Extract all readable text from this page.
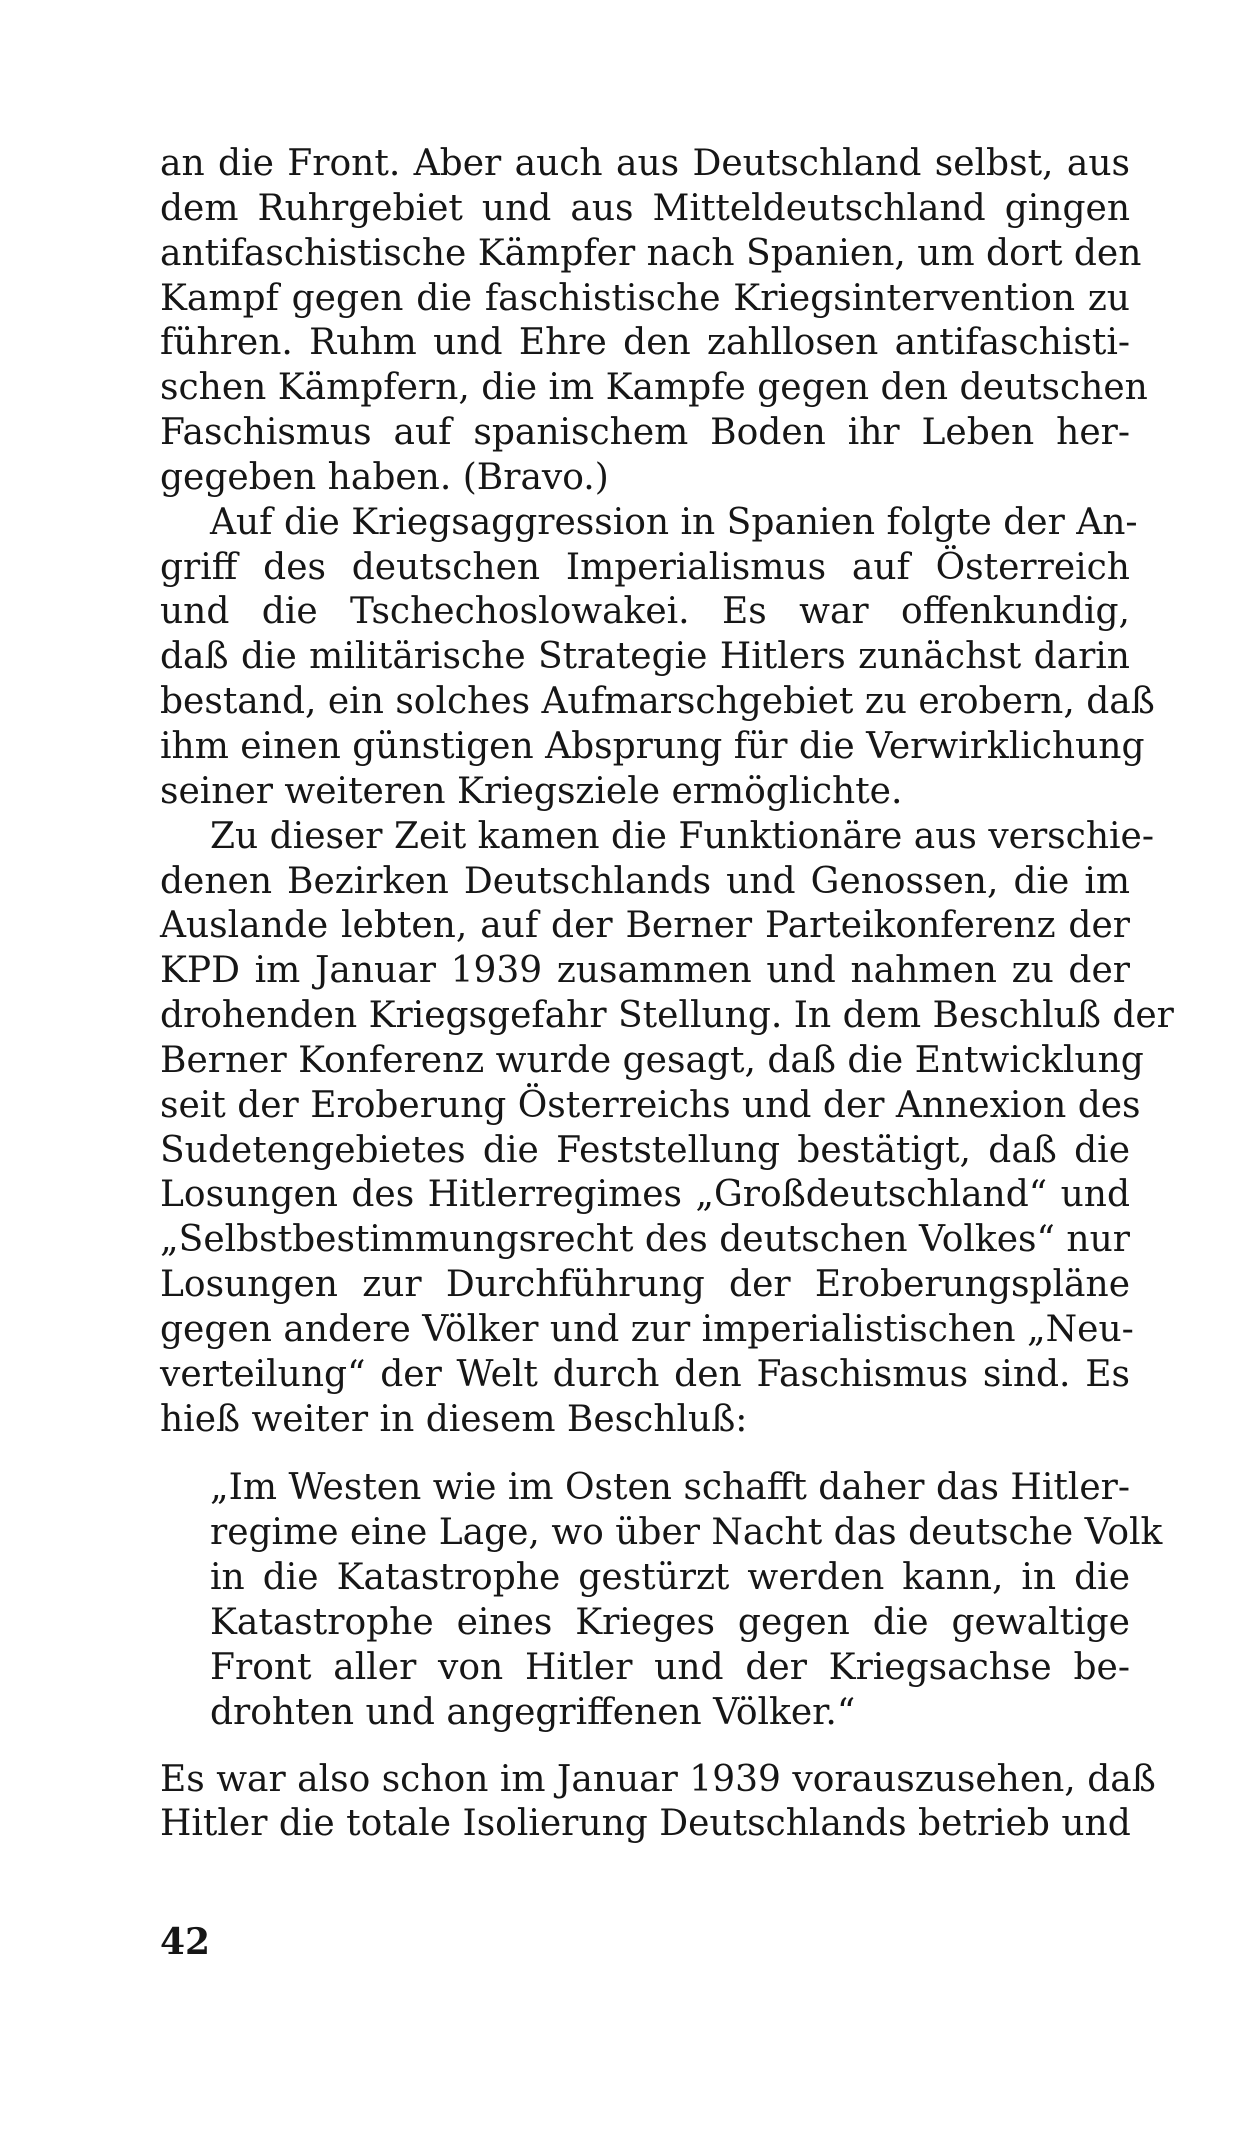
an die Front. Aber auch aus Deutschland selbst, aus
dem Ruhrgebiet und aus Mitteldeutschland gingen
antifaschistische Kämpfer nach Spanien, um dort den
Kampf gegen die faschistische Kriegsintervention zu
führen. Ruhm und Ehre den zahllosen antifaschisti-
schen Kämpfern, die im Kampfe gegen den deutschen
Faschismus auf spanischem Boden ihr Leben her-
gegeben haben. (Bravo.)
Auf die Kriegsaggression in Spanien folgte der An-
griff des deutschen Imperialismus auf Österreich
und die Tschechoslowakei. Es war offenkundig,
daß die militärische Strategie Hitlers zunächst darin
bestand, ein solches Aufmarschgebiet zu erobern, daß
ihm einen günstigen Absprung für die Verwirklichung
seiner weiteren Kriegsziele ermöglichte.
Zu dieser Zeit kamen die Funktionäre aus verschie-
denen Bezirken Deutschlands und Genossen, die im
Auslande lebten, auf der Berner Parteikonferenz der
KPD im Januar 1939 zusammen und nahmen zu der
drohenden Kriegsgefahr Stellung. In dem Beschluß der
Berner Konferenz wurde gesagt, daß die Entwicklung
seit der Eroberung Österreichs und der Annexion des
Sudetengebietes die Feststellung bestätigt, daß die
Losungen des Hitlerregimes „Großdeutschland“ und
„Selbstbestimmungsrecht des deutschen Volkes“ nur
Losungen zur Durchführung der Eroberungspläne
gegen andere Völker und zur imperialistischen „Neu-
verteilung“ der Welt durch den Faschismus sind. Es
hieß weiter in diesem Beschluß:
„Im Westen wie im Osten schafft daher das Hitler-
regime eine Lage, wo über Nacht das deutsche Volk
in die Katastrophe gestürzt werden kann, in die
Katastrophe eines Krieges gegen die gewaltige
Front aller von Hitler und der Kriegsachse be-
drohten und angegriffenen Völker.“
Es war also schon im Januar 1939 vorauszusehen, daß
Hitler die totale Isolierung Deutschlands betrieb und
42
